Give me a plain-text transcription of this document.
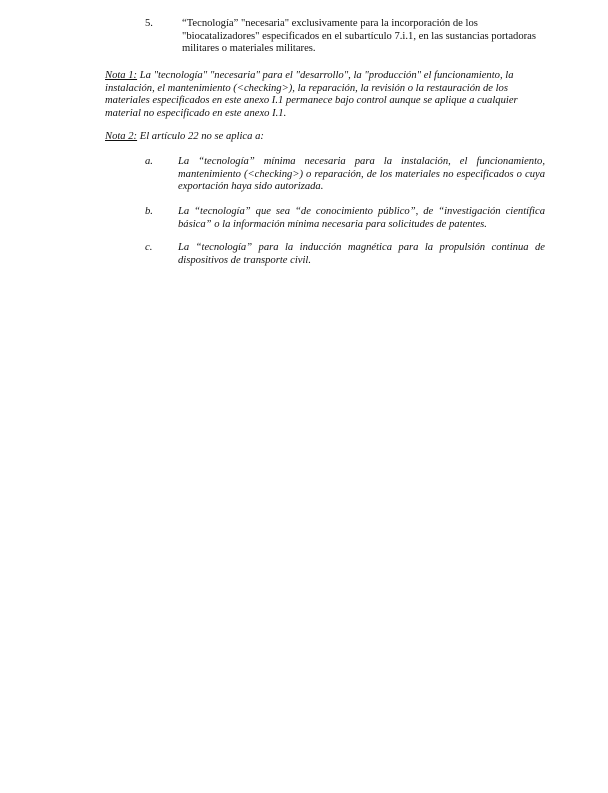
5.	“Tecnología” "necesaria" exclusivamente para la incorporación de los "biocatalizadores" especificados en el subartículo 7.i.1, en las sustancias portadoras militares o materiales militares.
Nota 1: La "tecnología" "necesaria" para el "desarrollo", la "producción" el funcionamiento, la instalación, el mantenimiento (<checking>), la reparación, la revisión o la restauración de los materiales especificados en este anexo I.1 permanece bajo control aunque se aplique a cualquier material no especificado en este anexo I.1.
Nota 2: El artículo 22 no se aplica a:
a. La “tecnología” mínima necesaria para la instalación, el funcionamiento, mantenimiento (<checking>) o reparación, de los materiales no especificados o cuya exportación haya sido autorizada.
b. La “tecnología” que sea “de conocimiento público”, de “investigación científica básica” o la información mínima necesaria para solicitudes de patentes.
c. La “tecnología” para la inducción magnética para la propulsión continua de dispositivos de transporte civil.
